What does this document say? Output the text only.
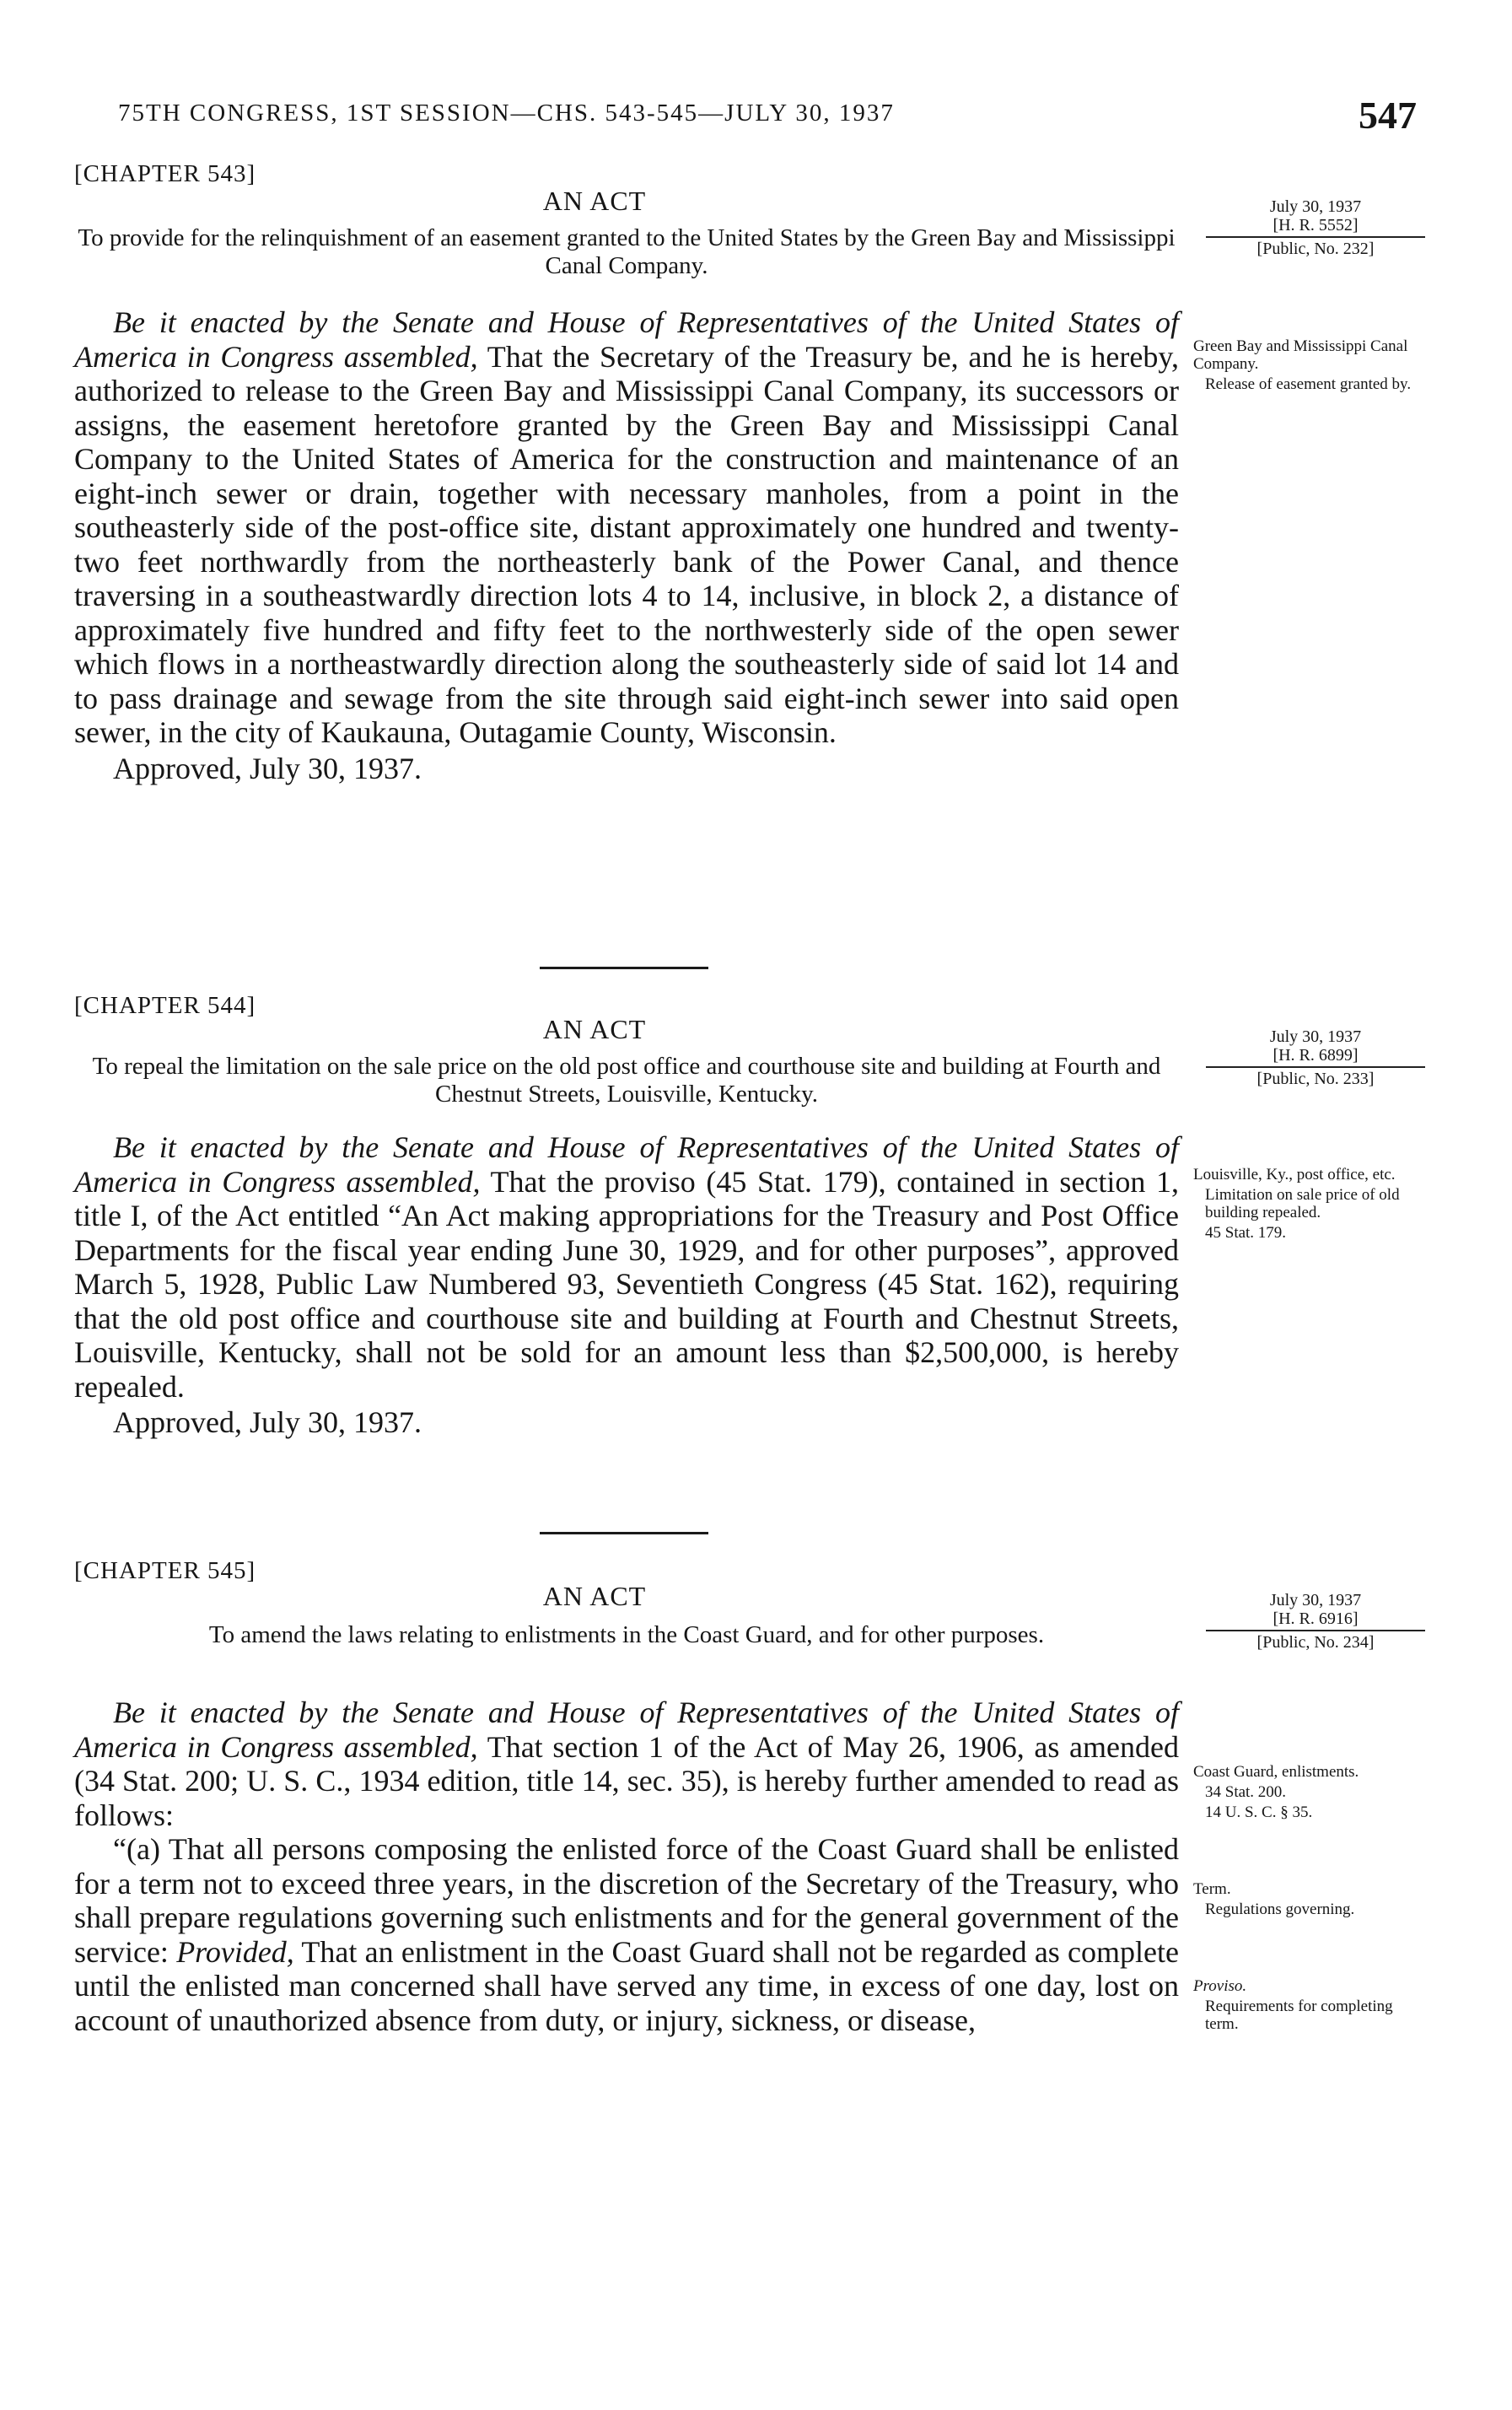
75TH CONGRESS, 1ST SESSION—CHS. 543-545—JULY 30, 1937	547
[CHAPTER 543]
AN ACT
To provide for the relinquishment of an easement granted to the United States by the Green Bay and Mississippi Canal Company.
July 30, 1937
[H. R. 5552]
[Public, No. 232]

Be it enacted by the Senate and House of Representatives of the United States of America in Congress assembled, That the Secretary of the Treasury be, and he is hereby, authorized to release to the Green Bay and Mississippi Canal Company, its successors or assigns, the easement heretofore granted by the Green Bay and Mississippi Canal Company to the United States of America for the construction and maintenance of an eight-inch sewer or drain, together with necessary manholes, from a point in the southeasterly side of the post-office site, distant approximately one hundred and twenty-two feet northwardly from the northeasterly bank of the Power Canal, and thence traversing in a southeastwardly direction lots 4 to 14, inclusive, in block 2, a distance of approximately five hundred and fifty feet to the northwesterly side of the open sewer which flows in a northeastwardly direction along the southeasterly side of said lot 14 and to pass drainage and sewage from the site through said eight-inch sewer into said open sewer, in the city of Kaukauna, Outagamie County, Wisconsin.

Approved, July 30, 1937.

Green Bay and Mississippi Canal Company.
Release of easement granted by.
[CHAPTER 544]
AN ACT
To repeal the limitation on the sale price on the old post office and courthouse site and building at Fourth and Chestnut Streets, Louisville, Kentucky.
July 30, 1937
[H. R. 6899]
[Public, No. 233]

Be it enacted by the Senate and House of Representatives of the United States of America in Congress assembled, That the proviso (45 Stat. 179), contained in section 1, title I, of the Act entitled “An Act making appropriations for the Treasury and Post Office Departments for the fiscal year ending June 30, 1929, and for other purposes”, approved March 5, 1928, Public Law Numbered 93, Seventieth Congress (45 Stat. 162), requiring that the old post office and courthouse site and building at Fourth and Chestnut Streets, Louisville, Kentucky, shall not be sold for an amount less than $2,500,000, is hereby repealed.

Approved, July 30, 1937.

Louisville, Ky., post office, etc.
Limitation on sale price of old building repealed.
45 Stat. 179.
[CHAPTER 545]
AN ACT
To amend the laws relating to enlistments in the Coast Guard, and for other purposes.
July 30, 1937
[H. R. 6916]
[Public, No. 234]

Be it enacted by the Senate and House of Representatives of the United States of America in Congress assembled, That section 1 of the Act of May 26, 1906, as amended (34 Stat. 200; U. S. C., 1934 edition, title 14, sec. 35), is hereby further amended to read as follows:

“(a) That all persons composing the enlisted force of the Coast Guard shall be enlisted for a term not to exceed three years, in the discretion of the Secretary of the Treasury, who shall prepare regulations governing such enlistments and for the general government of the service: Provided, That an enlistment in the Coast Guard shall not be regarded as complete until the enlisted man concerned shall have served any time, in excess of one day, lost on account of unauthorized absence from duty, or injury, sickness, or disease,

Coast Guard, enlistments.
34 Stat. 200.
14 U. S. C. § 35.
Term.
Regulations governing.
Proviso.
Requirements for completing term.
